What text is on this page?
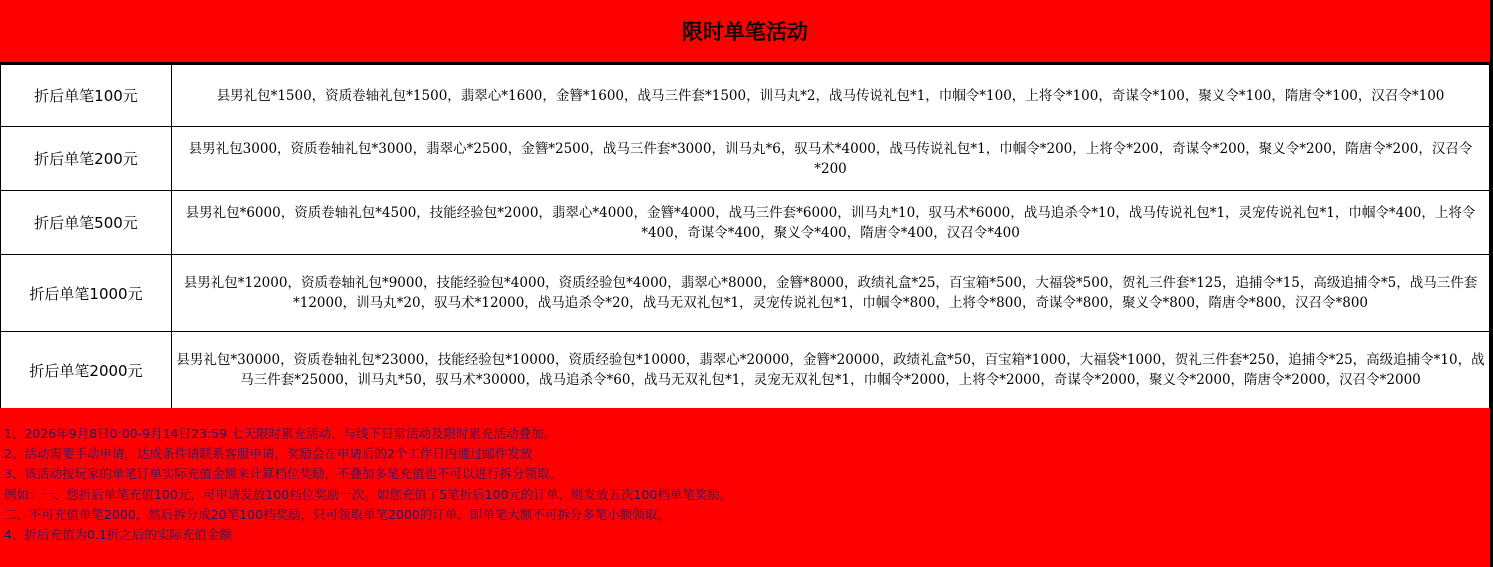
限时单笔活动
折后单笔100元	县男礼包*1500，资质卷轴礼包*1500，翡翠心*1600，金簪*1600，战马三件套*1500，训马丸*2，战马传说礼包*1，巾帼令*100，上将令*100，奇谋令*100，聚义令*100，隋唐令*100，汉召令*100
折后单笔200元	县男礼包3000，资质卷轴礼包*3000，翡翠心*2500，金簪*2500，战马三件套*3000，训马丸*6，驭马术*4000，战马传说礼包*1，巾帼令*200，上将令*200，奇谋令*200，聚义令*200，隋唐令*200，汉召令*200
折后单笔500元	县男礼包*6000，资质卷轴礼包*4500，技能经验包*2000，翡翠心*4000，金簪*4000，战马三件套*6000，训马丸*10，驭马术*6000，战马追杀令*10，战马传说礼包*1，灵宠传说礼包*1，巾帼令*400，上将令*400，奇谋令*400，聚义令*400，隋唐令*400，汉召令*400
折后单笔1000元	县男礼包*12000，资质卷轴礼包*9000，技能经验包*4000，资质经验包*4000，翡翠心*8000，金簪*8000，政绩礼盒*25，百宝箱*500，大福袋*500，贺礼三件套*125，追捕令*15，高级追捕令*5，战马三件套*12000，训马丸*20，驭马术*12000，战马追杀令*20，战马无双礼包*1，灵宠传说礼包*1，巾帼令*800，上将令*800，奇谋令*800，聚义令*800，隋唐令*800，汉召令*800
折后单笔2000元	县男礼包*30000，资质卷轴礼包*23000，技能经验包*10000，资质经验包*10000，翡翠心*20000，金簪*20000，政绩礼盒*50，百宝箱*1000，大福袋*1000，贺礼三件套*250，追捕令*25，高级追捕令*10，战马三件套*25000，训马丸*50，驭马术*30000，战马追杀令*60，战马无双礼包*1，灵宠无双礼包*1，巾帼令*2000，上将令*2000，奇谋令*2000，聚义令*2000，隋唐令*2000，汉召令*2000
1、2026年9月8日0:00-9月14日23:59 七天限时累充活动，与线下日常活动及限时累充活动叠加。
2、活动需要手动申请，达成条件请联系客服申请，奖励会在申请后的2个工作日内通过邮件发放
3、该活动按玩家的单笔订单实际充值金额来计算档位奖励，不叠加多笔充值也不可以进行拆分领取。
例如：一、您折后单笔充值100元，可申请发放100档位奖励一次。如您充值了5笔折后100元的订单，则发放五次100档单笔奖励。
二、不可充值单笔2000，然后拆分成20笔100档奖励，只可领取单笔2000的订单，即单笔大额不可拆分多笔小额领取。
4、折后充值为0.1折之后的实际充值金额
